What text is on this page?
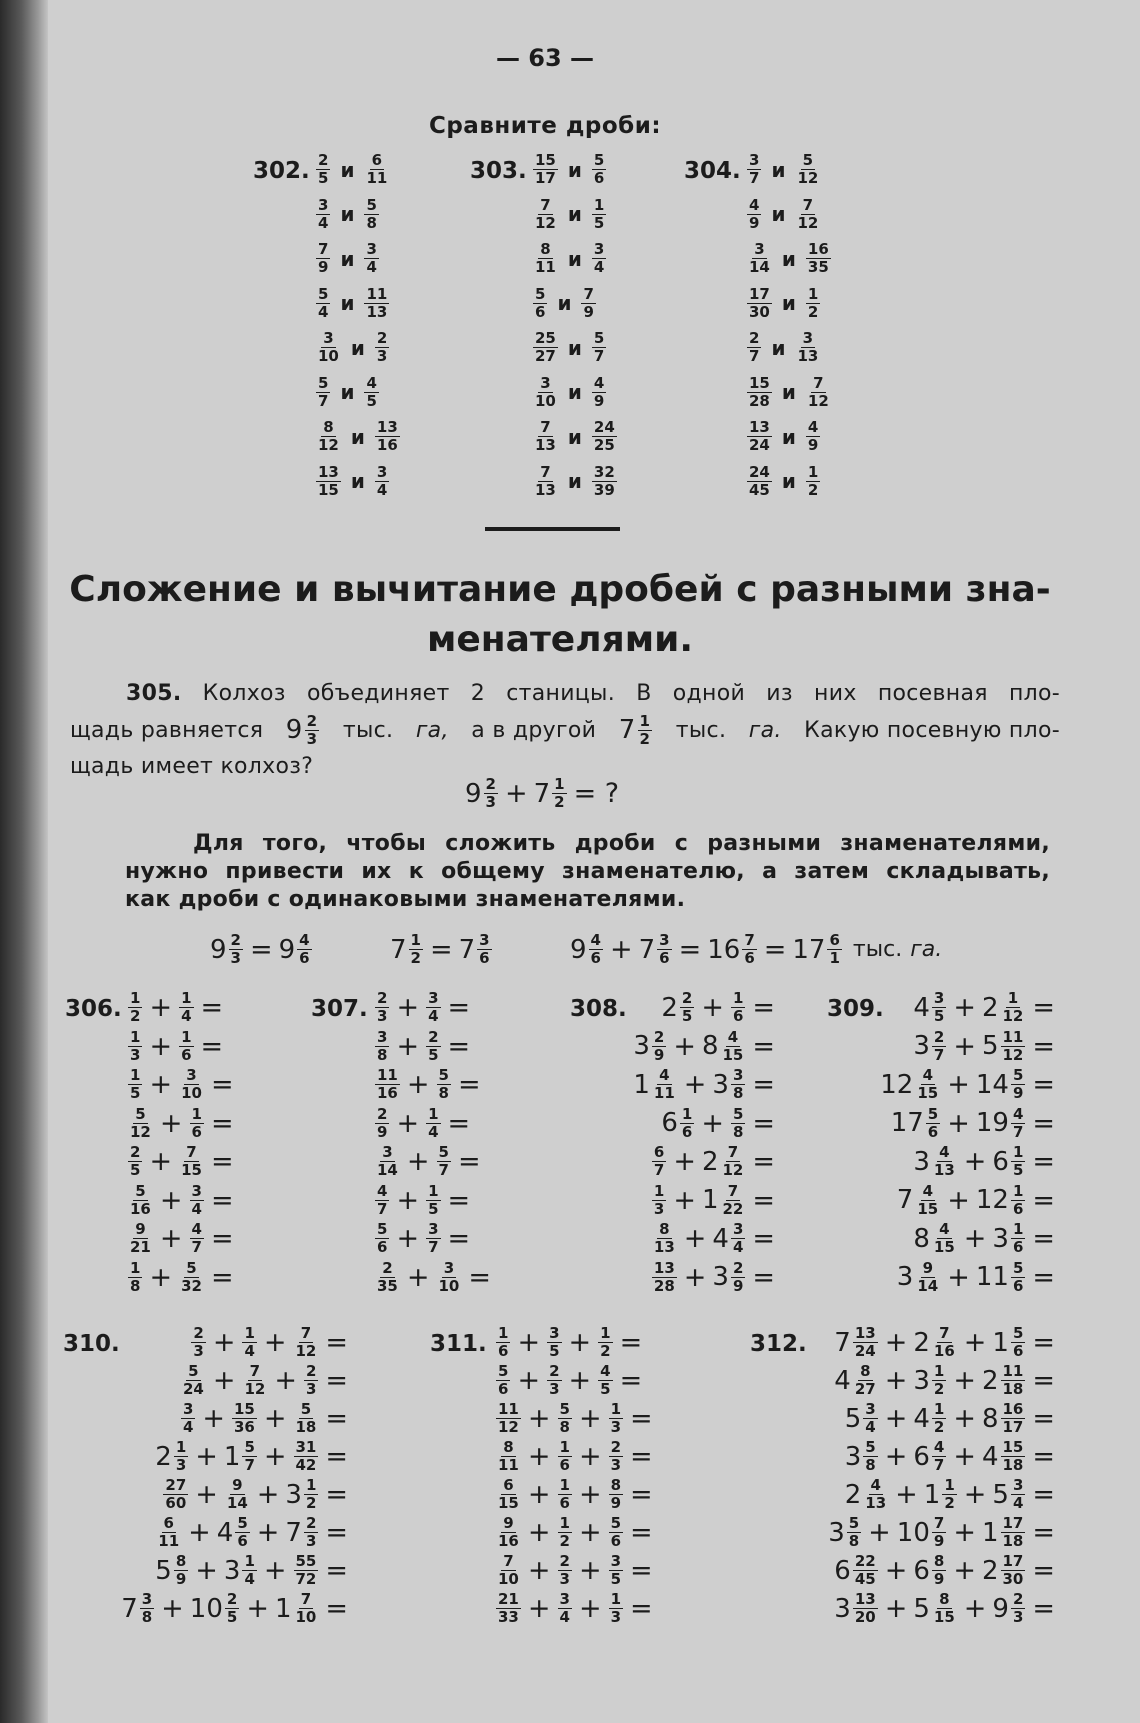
— 63 —
Сравните дроби:
302. $\frac{2}{5}$ и $\frac{6}{11}$
$\frac{3}{4}$ и $\frac{5}{8}$
$\frac{7}{9}$ и $\frac{3}{4}$
$\frac{5}{4}$ и $\frac{11}{13}$
$\frac{3}{10}$ и $\frac{2}{3}$
$\frac{5}{7}$ и $\frac{4}{5}$
$\frac{8}{12}$ и $\frac{13}{16}$
$\frac{13}{15}$ и $\frac{3}{4}$
303. $\frac{15}{17}$ и $\frac{5}{6}$
$\frac{7}{12}$ и $\frac{1}{5}$
$\frac{8}{11}$ и $\frac{3}{4}$
$\frac{5}{6}$ и $\frac{7}{9}$
$\frac{25}{27}$ и $\frac{5}{7}$
$\frac{3}{10}$ и $\frac{4}{9}$
$\frac{7}{13}$ и $\frac{24}{25}$
$\frac{7}{13}$ и $\frac{32}{39}$
304. $\frac{3}{7}$ и $\frac{5}{12}$
$\frac{4}{9}$ и $\frac{7}{12}$
$\frac{3}{14}$ и $\frac{16}{35}$
$\frac{17}{30}$ и $\frac{1}{2}$
$\frac{2}{7}$ и $\frac{3}{13}$
$\frac{15}{28}$ и $\frac{7}{12}$
$\frac{13}{24}$ и $\frac{4}{9}$
$\frac{24}{45}$ и $\frac{1}{2}$
Сложение и вычитание дробей с разными зна-
менателями.
305. Колхоз объединяет 2 станицы. В одной из них посевная пло-
щадь равняется $9 \frac{2}{3}$ тыс. га, а в другой $7 \frac{1}{2}$ тыс. га. Какую посевную пло-
щадь имеет колхоз?
$9 \frac{2}{3} + 7 \frac{1}{2}$ = ?
Для того, чтобы сложить дроби с разными знаменателями,
нужно привести их к общему знаменателю, а затем складывать,
как дроби с одинаковыми знаменателями.
$9 \frac{2}{3} = 9 \frac{4}{6}$	$7 \frac{1}{2} = 7 \frac{3}{6}$	$9 \frac{4}{6} + 7 \frac{3}{6} = 16 \frac{7}{6} = 17 \frac{6}{1}$ тыс. га.
306. $\frac{1}{2} + \frac{1}{4}$ =
$\frac{1}{3} + \frac{1}{6}$ =
$\frac{1}{5} + \frac{3}{10}$ =
$\frac{5}{12} + \frac{1}{6}$ =
$\frac{2}{5} + \frac{7}{15}$ =
$\frac{5}{16} + \frac{3}{4}$ =
$\frac{9}{21} + \frac{4}{7}$ =
$\frac{1}{8} + \frac{5}{32}$ =
307. $\frac{2}{3} + \frac{3}{4}$ =
$\frac{3}{8} + \frac{2}{5}$ =
$\frac{11}{16} + \frac{5}{8}$ =
$\frac{2}{9} + \frac{1}{4}$ =
$\frac{3}{14} + \frac{5}{7}$ =
$\frac{4}{7} + \frac{1}{5}$ =
$\frac{5}{6} + \frac{3}{7}$ =
$\frac{2}{35} + \frac{3}{10}$ =
308. $2 \frac{2}{5} + \frac{1}{6}$ =
$3 \frac{2}{9} + 8 \frac{4}{15}$ =
$1 \frac{4}{11} + 3 \frac{3}{8}$ =
$6 \frac{1}{6} + \frac{5}{8}$ =
$\frac{6}{7} + 2 \frac{7}{12}$ =
$\frac{1}{3} + 1 \frac{7}{22}$ =
$\frac{8}{13} + 4 \frac{3}{4}$ =
$\frac{13}{28} + 3 \frac{2}{9}$ =
309. $4 \frac{3}{5} + 2 \frac{1}{12}$ =
$3 \frac{2}{7} + 5 \frac{11}{12}$ =
$12 \frac{4}{15} + 14 \frac{5}{9}$ =
$17 \frac{5}{6} + 19 \frac{4}{7}$ =
$3 \frac{4}{13} + 6 \frac{1}{5}$ =
$7 \frac{4}{15} + 12 \frac{1}{6}$ =
$8 \frac{4}{15} + 3 \frac{1}{6}$ =
$3 \frac{9}{14} + 11 \frac{5}{6}$ =
310.	$\frac{2}{3} + \frac{1}{4} + \frac{7}{12}$ =
$\frac{5}{24} + \frac{7}{12} + \frac{2}{3}$ =
$\frac{3}{4} + \frac{15}{36} + \frac{5}{18}$ =
$2 \frac{1}{3} + 1 \frac{5}{7} + \frac{31}{42}$ =
$\frac{27}{60} + \frac{9}{14} + 3 \frac{1}{2}$ =
$\frac{6}{11} + 4 \frac{5}{6} + 7 \frac{2}{3}$ =
$5 \frac{8}{9} + 3 \frac{1}{4} + \frac{55}{72}$ =
$7 \frac{3}{8} + 10 \frac{2}{5} + 1 \frac{7}{10}$ =
311. $\frac{1}{6} + \frac{3}{5} + \frac{1}{2}$ =
$\frac{5}{6} + \frac{2}{3} + \frac{4}{5}$ =
$\frac{11}{12} + \frac{5}{8} + \frac{1}{3}$ =
$\frac{8}{11} + \frac{1}{6} + \frac{2}{3}$ =
$\frac{6}{15} + \frac{1}{6} + \frac{8}{9}$ =
$\frac{9}{16} + \frac{1}{2} + \frac{5}{6}$ =
$\frac{7}{10} + \frac{2}{3} + \frac{3}{5}$ =
$\frac{21}{33} + \frac{3}{4} + \frac{1}{3}$ =
312. $7 \frac{13}{24} + 2 \frac{7}{16} + 1 \frac{5}{6}$ =
$4 \frac{8}{27} + 3 \frac{1}{2} + 2 \frac{11}{18}$ =
$5 \frac{3}{4} + 4 \frac{1}{2} + 8 \frac{16}{17}$ =
$3 \frac{5}{8} + 6 \frac{4}{7} + 4 \frac{15}{18}$ =
$2 \frac{4}{13} + 1 \frac{1}{2} + 5 \frac{3}{4}$ =
$3 \frac{5}{8} + 10 \frac{7}{9} + 1 \frac{17}{18}$ =
$6 \frac{22}{45} + 6 \frac{8}{9} + 2 \frac{17}{30}$ =
$3 \frac{13}{20} + 5 \frac{8}{15} + 9 \frac{2}{3}$ =
